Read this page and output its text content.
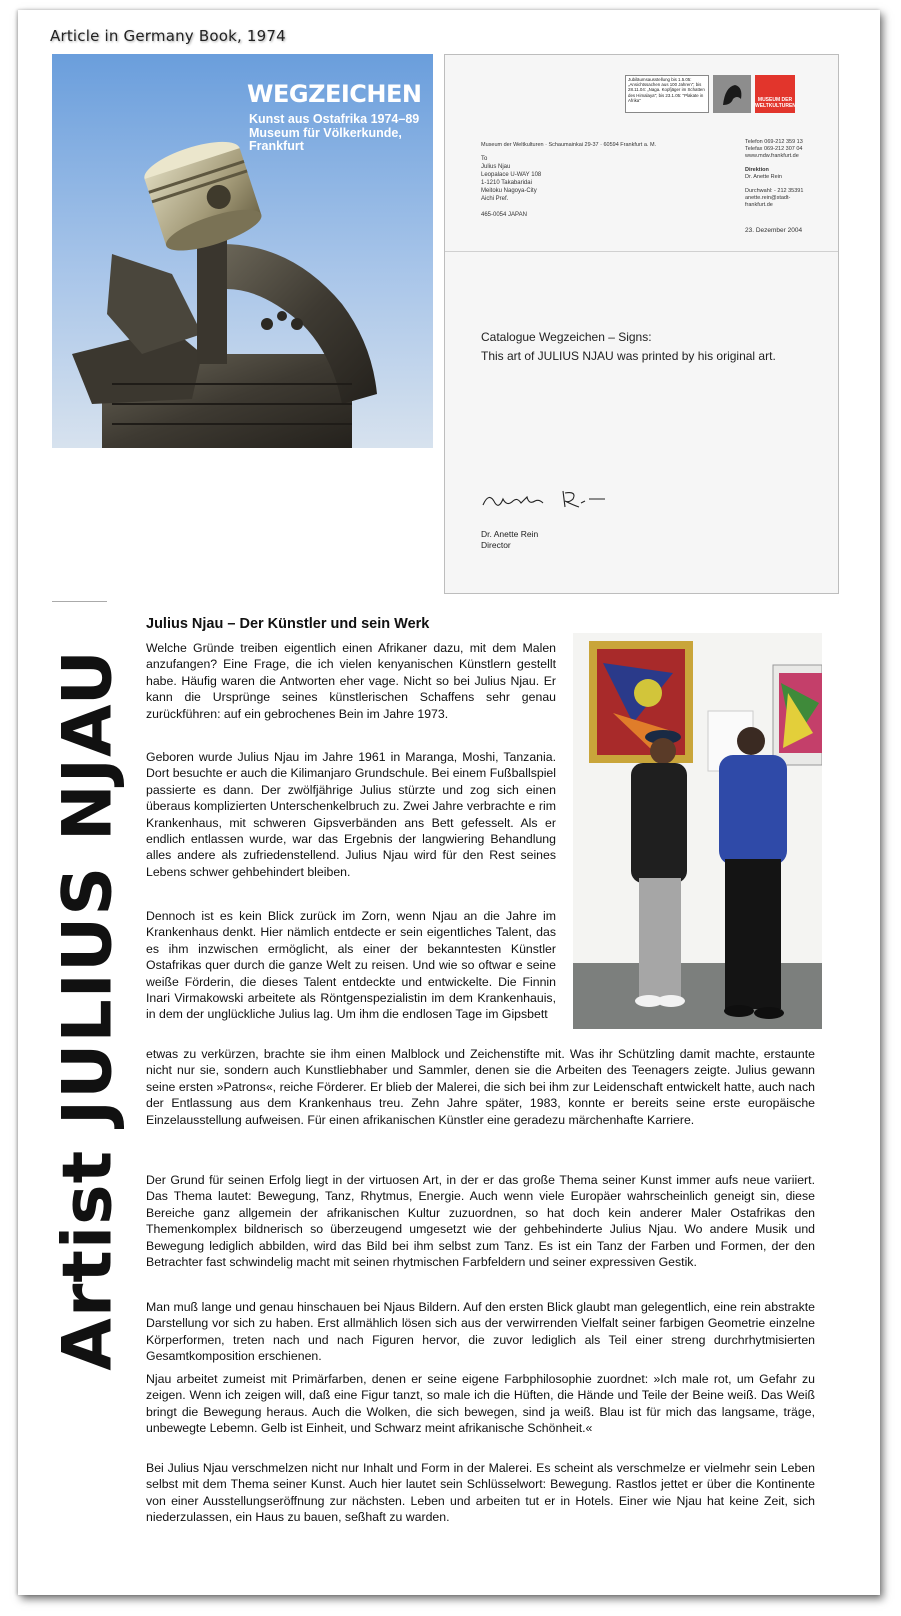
Article in Germany Book, 1974
WEGZEICHEN
Kunst aus Ostafrika 1974–89
Museum für Völkerkunde, Frankfurt
Jubiläumsausstellung bis 1.5.05: „Ansichtssachen aus 100 Jahren"; bis 28.11.04: „Naga. Kopfjäger im Schatten des Himalaya"; bis 23.1.05: "Plakate in Afrika"	MUSEUM DER WELTKULTUREN
Museum der Weltkulturen · Schaumainkai 29-37 · 60594 Frankfurt a. M.
To
Julius Njau
Leopalace U-WAY 108
1-1210 Takabaridai
Meitoku Nagoya-City
Aichi Pref.
465-0054 JAPAN
Telefon 069-212 359 13
Telefax 069-212 307 04
www.mdw.frankfurt.de
Direktion
Dr. Anette Rein
Durchwahl: - 212 35391
anette.rein@stadt-
frankfurt.de
23. Dezember 2004
Catalogue Wegzeichen – Signs:
This art of JULIUS NJAU was printed by his original art.
Dr. Anette Rein
Director
Artist JULIUS NJAU
Julius Njau – Der Künstler und sein Werk

Welche Gründe treiben eigentlich einen Afrikaner dazu, mit dem Malen anzufangen? Eine Frage, die ich vielen kenyanischen Künstlern gestellt habe. Häufig waren die Antworten eher vage. Nicht so bei Julius Njau. Er kann die Ursprünge seines künstlerischen Schaffens sehr genau zurückführen: auf ein gebrochenes Bein im Jahre 1973.

Geboren wurde Julius Njau im Jahre 1961 in Maranga, Moshi, Tanzania. Dort besuchte er auch die Kilimanjaro Grundschule. Bei einem Fußballspiel passierte es dann. Der zwölfjährige Julius stürzte und zog sich einen überaus komplizierten Unterschenkelbruch zu. Zwei Jahre verbrachte e rim Krankenhaus, mit schweren Gipsverbänden ans Bett gefesselt. Als er endlich entlassen wurde, war das Ergebnis der langwiering Behandlung alles andere als zufriedenstellend. Julius Njau wird für den Rest seines Lebens schwer gehbehindert bleiben.

Dennoch ist es kein Blick zurück im Zorn, wenn Njau an die Jahre im Krankenhaus denkt. Hier nämlich entdecte er sein eigentliches Talent, das es ihm inzwischen ermöglicht, als einer der bekanntesten Künstler Ostafrikas quer durch die ganze Welt zu reisen. Und wie so oftwar e seine weiße Förderin, die dieses Talent entdeckte und entwickelte. Die Finnin Inari Virmakowski arbeitete als Röntgenspezialistin im dem Krankenhauis, in dem der unglückliche Julius lag. Um ihm die endlosen Tage im Gipsbett

etwas zu verkürzen, brachte sie ihm einen Malblock und Zeichenstifte mit. Was ihr Schützling damit machte, erstaunte nicht nur sie, sondern auch Kunstliebhaber und Sammler, denen sie die Arbeiten des Teenagers zeigte. Julius gewann seine ersten »Patrons«, reiche Förderer. Er blieb der Malerei, die sich bei ihm zur Leidenschaft entwickelt hatte, auch nach der Entlassung aus dem Krankenhaus treu. Zehn Jahre später, 1983, konnte er bereits seine erste europäische Einzelausstellung aufweisen. Für einen afrikanischen Künstler eine geradezu märchenhafte Karriere.

Der Grund für seinen Erfolg liegt in der virtuosen Art, in der er das große Thema seiner Kunst immer aufs neue variiert. Das Thema lautet: Bewegung, Tanz, Rhytmus, Energie. Auch wenn viele Europäer wahrscheinlich geneigt sin, diese Bereiche ganz allgemein der afrikanischen Kultur zuzuordnen, so hat doch kein anderer Maler Ostafrikas den Themenkomplex bildnerisch so überzeugend umgesetzt wie der gehbehinderte Julius Njau. Wo andere Musik und Bewegung lediglich abbilden, wird das Bild bei ihm selbst zum Tanz. Es ist ein Tanz der Farben und Formen, der den Betrachter fast schwindelig macht mit seinen rhytmischen Farbfeldern und seiner expressiven Gestik.

Man muß lange und genau hinschauen bei Njaus Bildern. Auf den ersten Blick glaubt man gelegentlich, eine rein abstrakte Darstellung vor sich zu haben. Erst allmählich lösen sich aus der verwirrenden Vielfalt seiner farbigen Geometrie einzelne Körperformen, treten nach und nach Figuren hervor, die zuvor lediglich als Teil einer streng durchrhytmisierten Gesamtkomposition erschienen.

Njau arbeitet zumeist mit Primärfarben, denen er seine eigene Farbphilosophie zuordnet: »Ich male rot, um Gefahr zu zeigen. Wenn ich zeigen will, daß eine Figur tanzt, so male ich die Hüften, die Hände und Teile der Beine weiß. Das Weiß bringt die Bewegung heraus. Auch die Wolken, die sich bewegen, sind ja weiß. Blau ist für mich das langsame, träge, unbewegte Lebemn. Gelb ist Einheit, und Schwarz meint afrikanische Schönheit.«

Bei Julius Njau verschmelzen nicht nur Inhalt und Form in der Malerei. Es scheint als verschmelze er vielmehr sein Leben selbst mit dem Thema seiner Kunst. Auch hier lautet sein Schlüsselwort: Bewegung. Rastlos jettet er über die Kontinente von einer Ausstellungseröffnung zur nächsten. Leben und arbeiten tut er in Hotels. Einer wie Njau hat keine Zeit, sich niederzulassen, ein Haus zu bauen, seßhaft zu warden.
